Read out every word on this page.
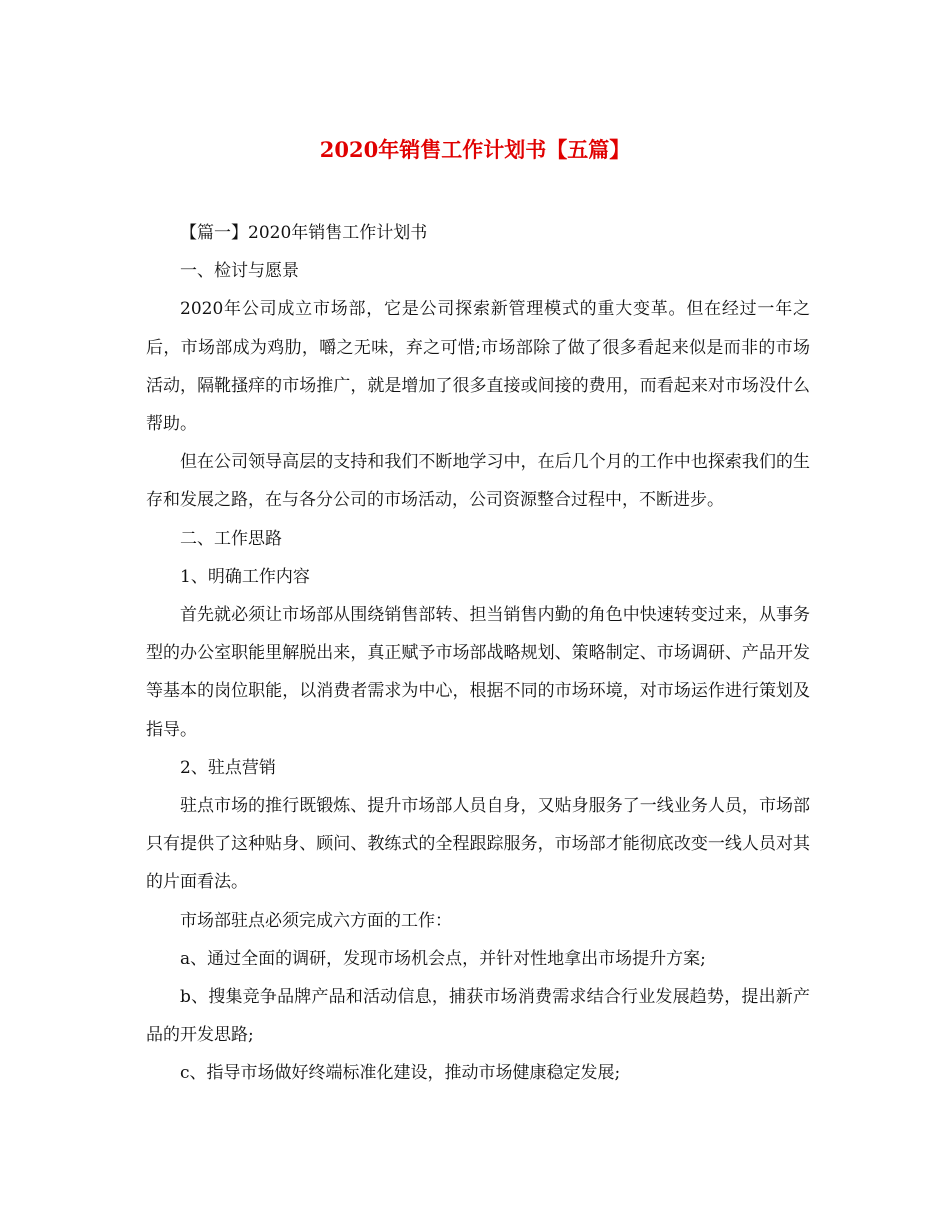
2020年销售工作计划书【五篇】

【篇一】2020年销售工作计划书

一、检讨与愿景

2020年公司成立市场部，它是公司探索新管理模式的重大变革。但在经过一年之后，市场部成为鸡肋，嚼之无味，弃之可惜;市场部除了做了很多看起来似是而非的市场活动，隔靴搔痒的市场推广，就是增加了很多直接或间接的费用，而看起来对市场没什么帮助。

但在公司领导高层的支持和我们不断地学习中，在后几个月的工作中也探索我们的生存和发展之路，在与各分公司的市场活动，公司资源整合过程中，不断进步。

二、工作思路

1、明确工作内容

首先就必须让市场部从围绕销售部转、担当销售内勤的角色中快速转变过来，从事务型的办公室职能里解脱出来，真正赋予市场部战略规划、策略制定、市场调研、产品开发等基本的岗位职能，以消费者需求为中心，根据不同的市场环境，对市场运作进行策划及指导。

2、驻点营销

驻点市场的推行既锻炼、提升市场部人员自身，又贴身服务了一线业务人员，市场部只有提供了这种贴身、顾问、教练式的全程跟踪服务，市场部才能彻底改变一线人员对其的片面看法。

市场部驻点必须完成六方面的工作：

a、通过全面的调研，发现市场机会点，并针对性地拿出市场提升方案;

b、搜集竞争品牌产品和活动信息，捕获市场消费需求结合行业发展趋势，提出新产品的开发思路;

c、指导市场做好终端标准化建设，推动市场健康稳定发展;
